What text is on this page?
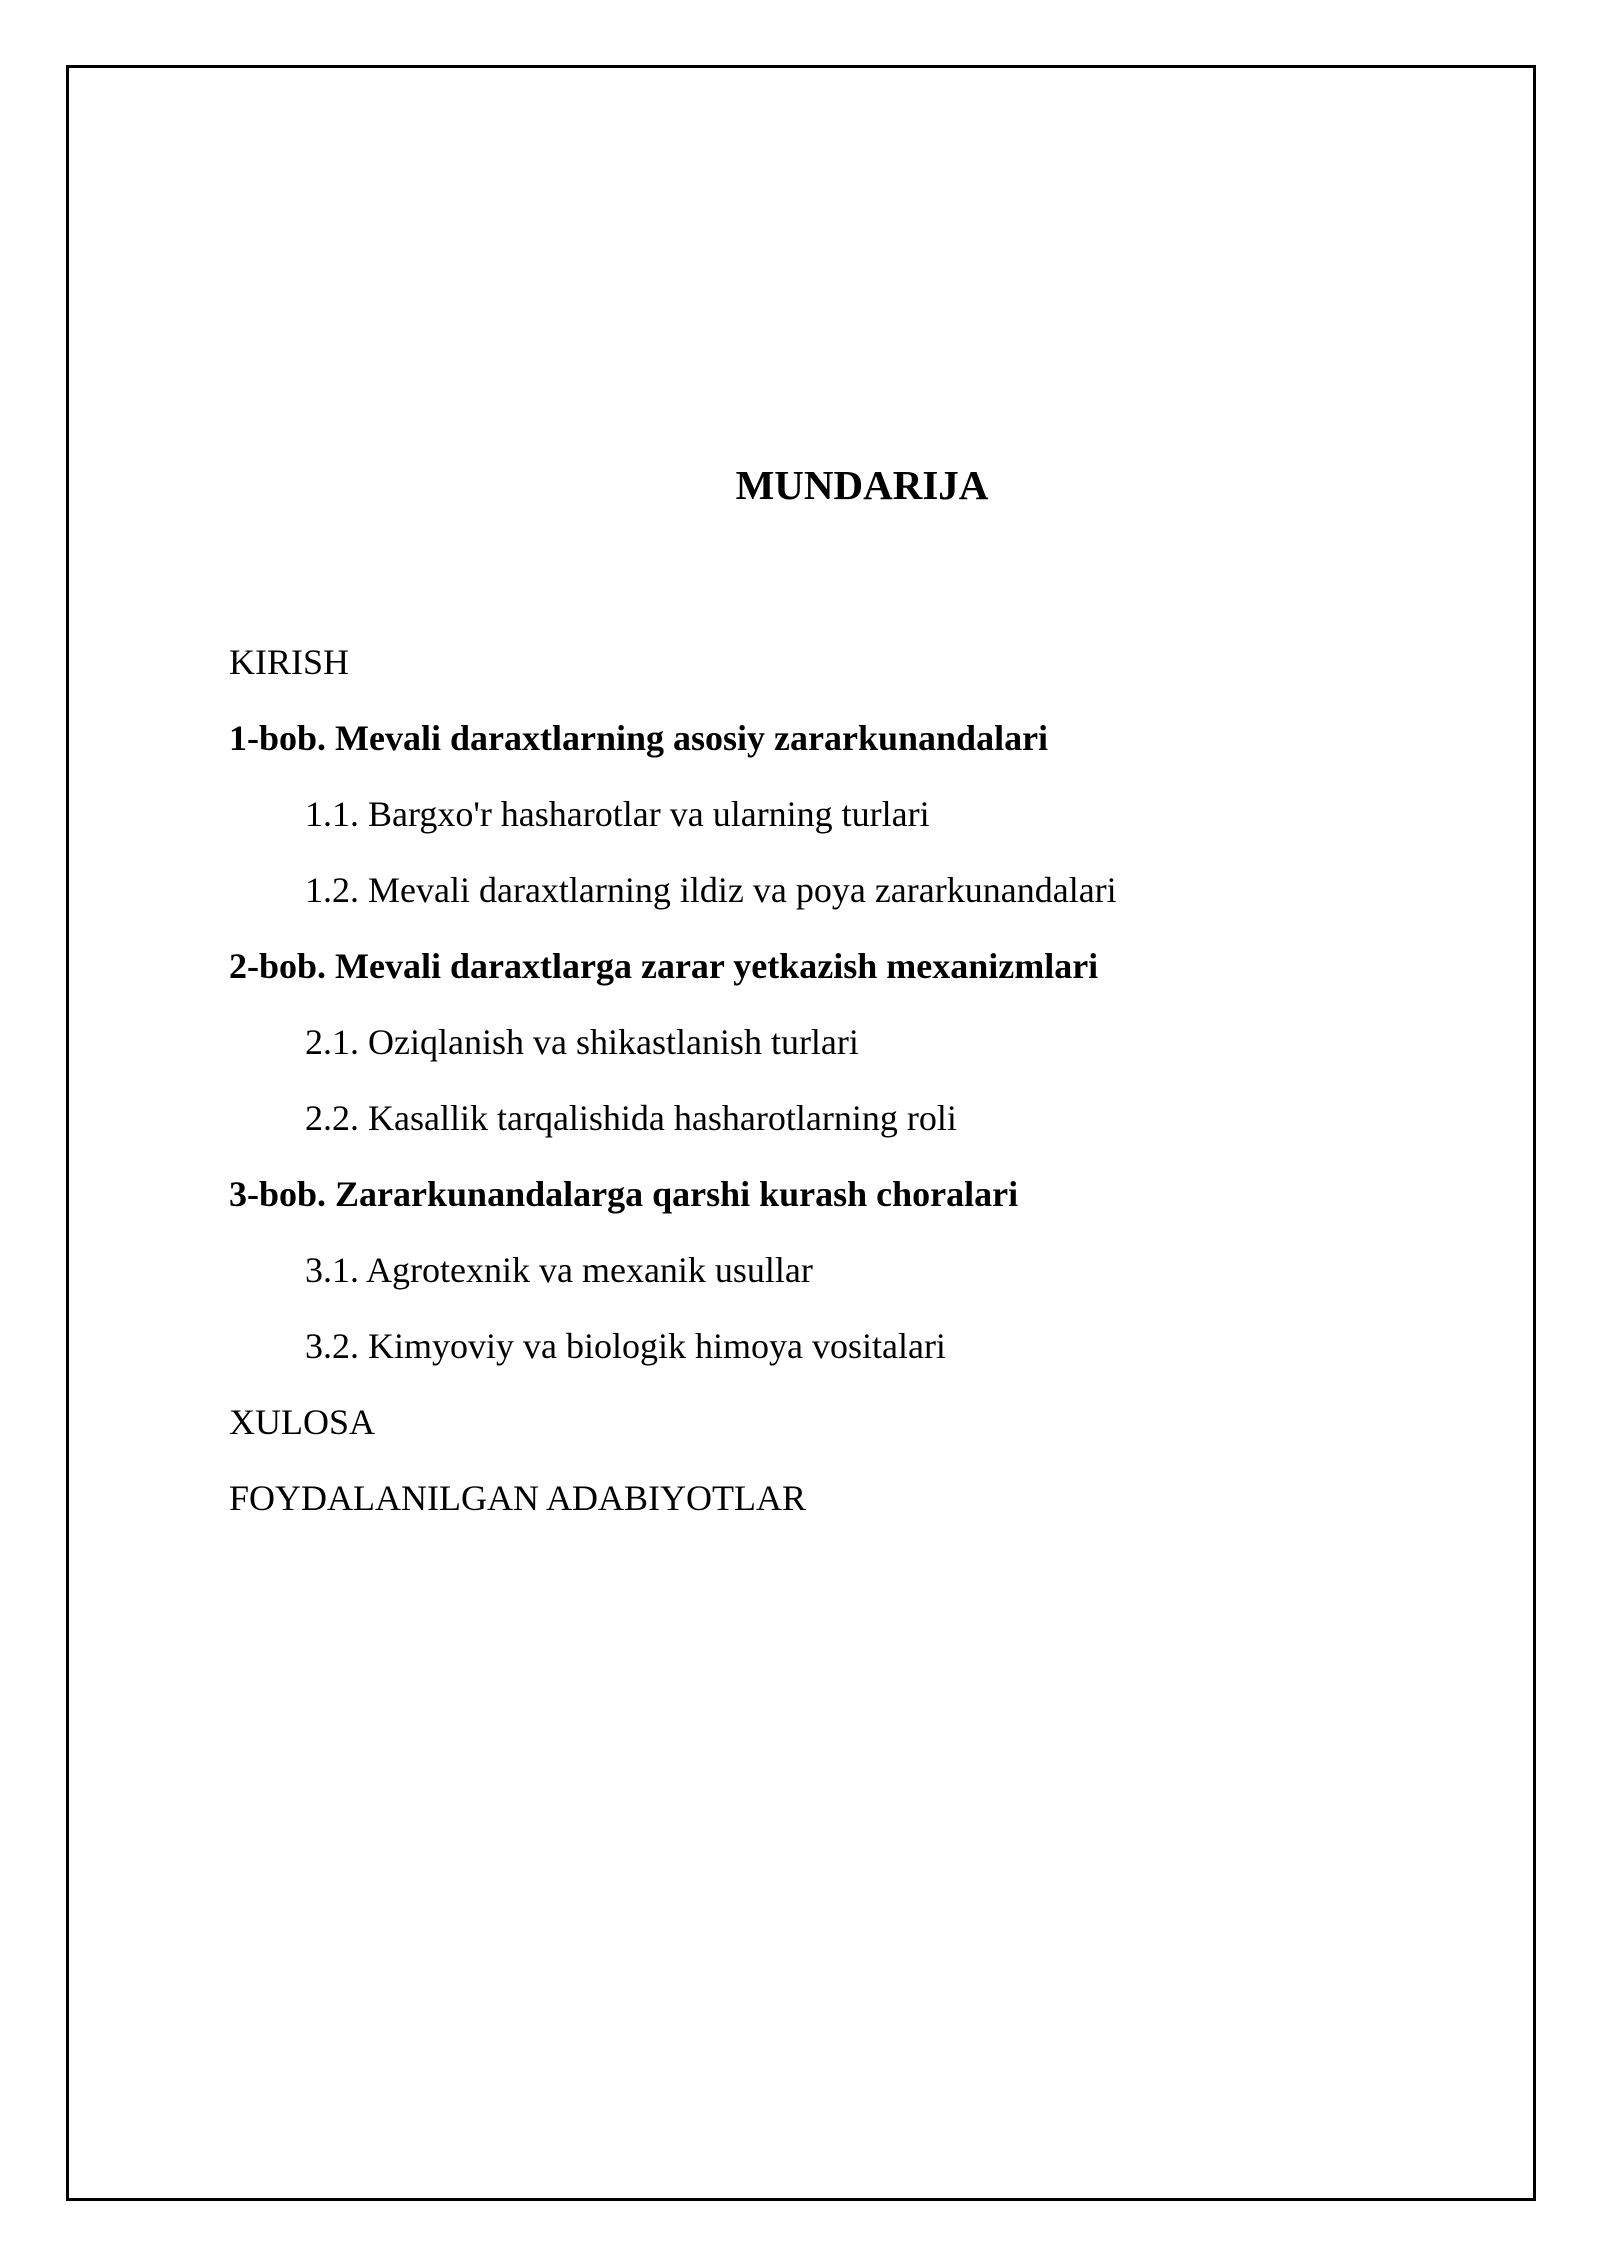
MUNDARIJA
KIRISH
1-bob. Mevali daraxtlarning asosiy zararkunandalari
1.1. Bargxo'r hasharotlar va ularning turlari
1.2. Mevali daraxtlarning ildiz va poya zararkunandalari
2-bob. Mevali daraxtlarga zarar yetkazish mexanizmlari
2.1. Oziqlanish va shikastlanish turlari
2.2. Kasallik tarqalishida hasharotlarning roli
3-bob. Zararkunandalarga qarshi kurash choralari
3.1. Agrotexnik va mexanik usullar
3.2. Kimyoviy va biologik himoya vositalari
XULOSA
FOYDALANILGAN ADABIYOTLAR
